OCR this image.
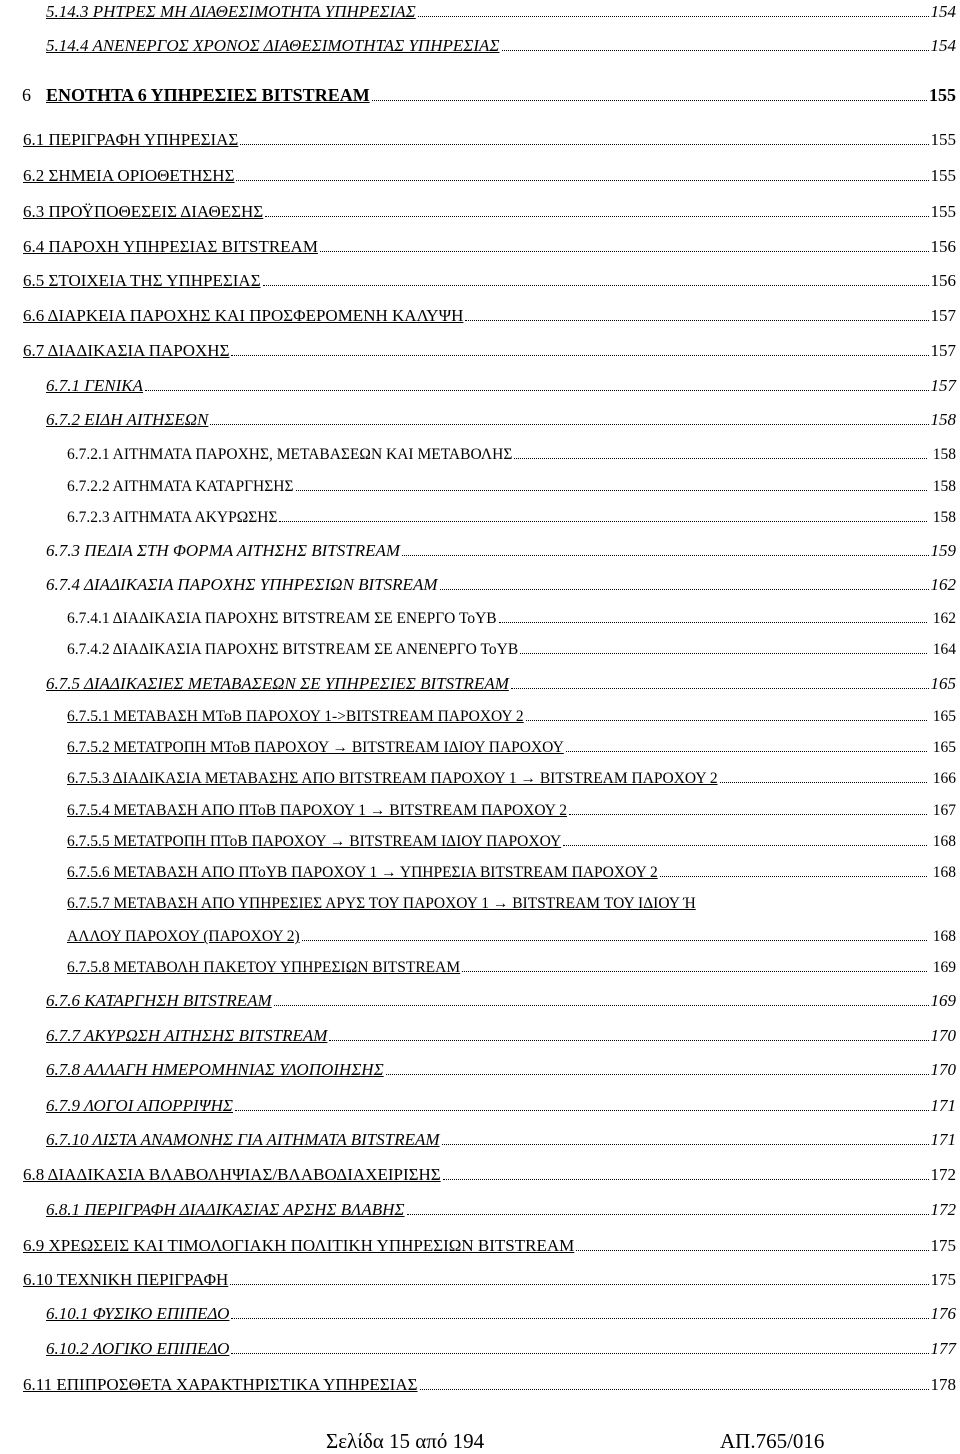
5.14.3 ΡΗΤΡΕΣ ΜΗ ΔΙΑΘΕΣΙΜΟΤΗΤΑ ΥΠΗΡΕΣΙΑΣ	154
5.14.4 ΑΝΕΝΕΡΓΟΣ ΧΡΟΝΟΣ ΔΙΑΘΕΣΙΜΟΤΗΤΑΣ ΥΠΗΡΕΣΙΑΣ	154
6 ΕΝΟΤΗΤΑ 6 ΥΠΗΡΕΣΙΕΣ BITSTREAM	155
6.1 ΠΕΡΙΓΡΑΦΗ ΥΠΗΡΕΣΙΑΣ	155
6.2 ΣΗΜΕΙΑ ΟΡΙΟΘΕΤΗΣΗΣ	155
6.3 ΠΡΟΫΠΟΘΕΣΕΙΣ ΔΙΑΘΕΣΗΣ	155
6.4 ΠΑΡΟΧΗ ΥΠΗΡΕΣΙΑΣ BITSTREAM	156
6.5 ΣΤΟΙΧΕΙΑ ΤΗΣ ΥΠΗΡΕΣΙΑΣ	156
6.6 ΔΙΑΡΚΕΙΑ ΠΑΡΟΧΗΣ ΚΑΙ ΠΡΟΣΦΕΡΟΜΕΝΗ ΚΑΛΥΨΗ	157
6.7 ΔΙΑΔΙΚΑΣΙΑ ΠΑΡΟΧΗΣ	157
6.7.1 ΓΕΝΙΚΑ	157
6.7.2 ΕΙΔΗ ΑΙΤΗΣΕΩΝ	158
6.7.2.1 ΑΙΤΗΜΑΤΑ ΠΑΡΟΧΗΣ, ΜΕΤΑΒΑΣΕΩΝ ΚΑΙ ΜΕΤΑΒΟΛΗΣ	158
6.7.2.2 ΑΙΤΗΜΑΤΑ ΚΑΤΑΡΓΗΣΗΣ	158
6.7.2.3 ΑΙΤΗΜΑΤΑ ΑΚΥΡΩΣΗΣ	158
6.7.3 ΠΕΔΙΑ ΣΤΗ ΦΟΡΜΑ ΑΙΤΗΣΗΣ BITSTREAM	159
6.7.4 ΔΙΑΔΙΚΑΣΙΑ ΠΑΡΟΧΗΣ ΥΠΗΡΕΣΙΩΝ BITSREAM	162
6.7.4.1 ΔΙΑΔΙΚΑΣΙΑ ΠΑΡΟΧΗΣ BITSTREAM ΣΕ ΕΝΕΡΓΟ ΤοΥΒ	162
6.7.4.2 ΔΙΑΔΙΚΑΣΙΑ ΠΑΡΟΧΗΣ BITSTREAM ΣΕ ΑΝΕΝΕΡΓΟ ΤοΥΒ	164
6.7.5 ΔΙΑΔΙΚΑΣΙΕΣ ΜΕΤΑΒΑΣΕΩΝ ΣΕ ΥΠΗΡΕΣΙΕΣ BITSTREAM	165
6.7.5.1 ΜΕΤΑΒΑΣΗ ΜΤοΒ ΠΑΡΟΧΟΥ 1->BITSTREAM ΠΑΡΟΧΟΥ 2	165
6.7.5.2 ΜΕΤΑΤΡΟΠΗ ΜΤοΒ ΠΑΡΟΧΟΥ → BITSTREAM ΙΔΙΟΥ ΠΑΡΟΧΟΥ	165
6.7.5.3 ΔΙΑΔΙΚΑΣΙΑ ΜΕΤΑΒΑΣΗΣ ΑΠΟ BITSTREAM ΠΑΡΟΧΟΥ 1 → BITSTREAM ΠΑΡΟΧΟΥ 2	166
6.7.5.4 ΜΕΤΑΒΑΣΗ ΑΠΟ ΠΤοΒ ΠΑΡΟΧΟΥ 1 → BITSTREAM ΠΑΡΟΧΟΥ 2	167
6.7.5.5 ΜΕΤΑΤΡΟΠΗ ΠΤοΒ ΠΑΡΟΧΟΥ → BITSTREAM ΙΔΙΟΥ ΠΑΡΟΧΟΥ	168
6.7.5.6 ΜΕΤΑΒΑΣΗ ΑΠΟ ΠΤοΥΒ ΠΑΡΟΧΟΥ 1 → ΥΠΗΡΕΣΙΑ BITSTREAM ΠΑΡΟΧΟΥ 2	168
6.7.5.7 ΜΕΤΑΒΑΣΗ ΑΠΟ ΥΠΗΡΕΣΙΕΣ ΑΡΥΣ ΤΟΥ ΠΑΡΟΧΟΥ 1 → BITSTREAM ΤΟΥ ΙΔΙΟΥ Ή
ΑΛΛΟΥ ΠΑΡΟΧΟΥ (ΠΑΡΟΧΟΥ 2)	168
6.7.5.8 ΜΕΤΑΒΟΛΗ ΠΑΚΕΤΟΥ ΥΠΗΡΕΣΙΩΝ BITSTREAM	169
6.7.6 ΚΑΤΑΡΓΗΣΗ BITSTREAM	169
6.7.7 ΑΚΥΡΩΣΗ ΑΙΤΗΣΗΣ BITSTREAM	170
6.7.8 ΑΛΛΑΓΗ ΗΜΕΡΟΜΗΝΙΑΣ ΥΛΟΠΟΙΗΣΗΣ	170
6.7.9 ΛΟΓΟΙ ΑΠΟΡΡΙΨΗΣ	171
6.7.10 ΛΙΣΤΑ ΑΝΑΜΟΝΗΣ ΓΙΑ ΑΙΤΗΜΑΤΑ BITSTREAM	171
6.8 ΔΙΑΔΙΚΑΣΙΑ ΒΛΑΒΟΛΗΨΙΑΣ/ΒΛΑΒΟΔΙΑΧΕΙΡΙΣΗΣ	172
6.8.1 ΠΕΡΙΓΡΑΦΗ ΔΙΑΔΙΚΑΣΙΑΣ ΑΡΣΗΣ ΒΛΑΒΗΣ	172
6.9 ΧΡΕΩΣΕΙΣ ΚΑΙ ΤΙΜΟΛΟΓΙΑΚΗ ΠΟΛΙΤΙΚΗ ΥΠΗΡΕΣΙΩΝ BITSTREAM	175
6.10 ΤΕΧΝΙΚΗ ΠΕΡΙΓΡΑΦΗ	175
6.10.1 ΦΥΣΙΚΟ ΕΠΙΠΕΔΟ	176
6.10.2 ΛΟΓΙΚΟ ΕΠΙΠΕΔΟ	177
6.11 ΕΠΙΠΡΟΣΘΕΤΑ ΧΑΡΑΚΤΗΡΙΣΤΙΚΑ ΥΠΗΡΕΣΙΑΣ	178
Σελίδα 15 από 194	ΑΠ.765/016
